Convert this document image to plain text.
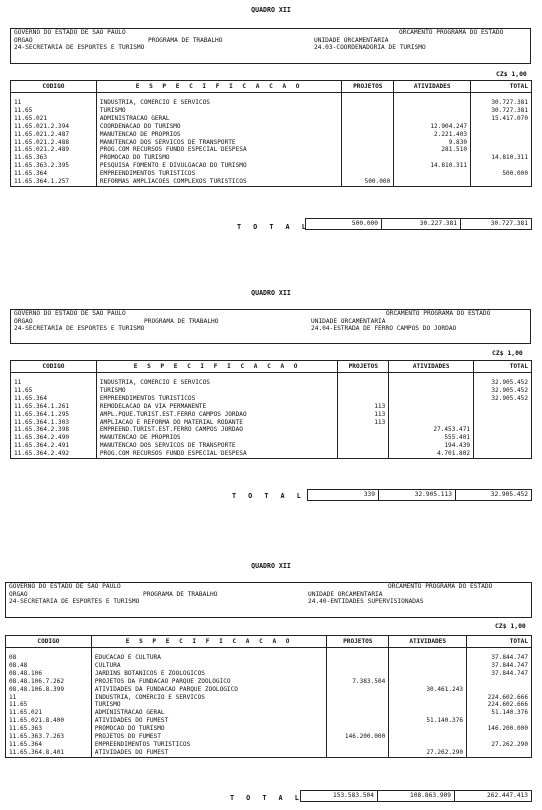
QUADRO XII
GOVERNO DO ESTADO DE SAO PAULO	ORCAMENTO PROGRAMA DO ESTADO
ORGAO	PROGRAMA DE TRABALHO	UNIDADE ORCAMENTARIA
24-SECRETARIA DE ESPORTES E TURISMO	24.03-COORDENADORIA DE TURISMO
CZ$ 1,00
CODIGO	E S P E C I F I C A C A O	PROJETOS	ATIVIDADES	TOTAL

11	INDUSTRIA, COMERCIO E SERVICOS			30.727.381
11.65	TURISMO			30.727.381
11.65.021	ADMINISTRACAO GERAL			15.417.070
11.65.021.2.394	COORDENACAO DO TURISMO		12.904.247	
11.65.021.2.487	MANUTENCAO DE PROPRIOS		2.221.403	
11.65.021.2.488	MANUTENCAO DOS SERVICOS DE TRANSPORTE		9.830	
11.65.021.2.489	PROG.COM RECURSOS FUNDO ESPECIAL DESPESA		281.510	
11.65.363	PROMOCAO DO TURISMO			14.810.311
11.65.363.2.395	PESQUISA FOMENTO E DIVULGACAO DO TURISMO		14.810.311	
11.65.364	EMPREENDIMENTOS TURISTICOS			500.000
11.65.364.1.257	REFORMAS AMPLIACOES COMPLEXOS TURISTICOS	500.000		
T O T A L	500.000	30.227.381	30.727.381
QUADRO XII
GOVERNO DO ESTADO DE SAO PAULO	ORCAMENTO PROGRAMA DO ESTADO
ORGAO	PROGRAMA DE TRABALHO	UNIDADE ORCAMENTARIA
24-SECRETARIA DE ESPORTES E TURISMO	24.04-ESTRADA DE FERRO CAMPOS DO JORDAO
CZ$ 1,00
CODIGO	E S P E C I F I C A C A O	PROJETOS	ATIVIDADES	TOTAL

11	INDUSTRIA, COMERCIO E SERVICOS			32.905.452
11.65	TURISMO			32.905.452
11.65.364	EMPREENDIMENTOS TURISTICOS			32.905.452
11.65.364.1.261	REMODELACAO DA VIA PERMANENTE	113		
11.65.364.1.295	AMPL.PQUE.TURIST.EST.FERRO CAMPOS JORDAO	113		
11.65.364.1.303	AMPLIACAO E REFORMA DO MATERIAL RODANTE	113		
11.65.364.2.398	EMPREEND.TURIST.EST.FERRO CAMPOS JORDAO		27.453.471	
11.65.364.2.490	MANUTENCAO DE PROPRIOS		555.401	
11.65.364.2.491	MANUTENCAO DOS SERVICOS DE TRANSPORTE		194.439	
11.65.364.2.492	PROG.COM RECURSOS FUNDO ESPECIAL DESPESA		4.701.802	
T O T A L	339	32.905.113	32.905.452
QUADRO XII
GOVERNO DO ESTADO DE SAO PAULO	ORCAMENTO PROGRAMA DO ESTADO
ORGAO	PROGRAMA DE TRABALHO	UNIDADE ORCAMENTARIA
24-SECRETARIA DE ESPORTES E TURISMO	24.40-ENTIDADES SUPERVISIONADAS
CZ$ 1,00
CODIGO	E S P E C I F I C A C A O	PROJETOS	ATIVIDADES	TOTAL

08	EDUCACAO E CULTURA			37.844.747
08.48	CULTURA			37.844.747
08.48.106	JARDINS BOTANICOS E ZOOLOGICOS			37.844.747
08.48.106.7.262	PROJETOS DA FUNDACAO PARQUE ZOOLOGICO	7.383.504		
08.48.106.8.399	ATIVIDADES DA FUNDACAO PARQUE ZOOLOGICO		30.461.243	
11	INDUSTRIA, COMERCIO E SERVICOS			224.602.666
11.65	TURISMO			224.602.666
11.65.021	ADMINISTRACAO GERAL			51.140.376
11.65.021.8.400	ATIVIDADES DO FUMEST		51.140.376	
11.65.363	PROMOCAO DO TURISMO			146.200.000
11.65.363.7.263	PROJETOS DO FUMEST	146.200.000		
11.65.364	EMPREENDIMENTOS TURISTICOS			27.262.290
11.65.364.8.401	ATIVIDADES DO FUMEST		27.262.290	
T O T A L	153.583.504	108.863.909	262.447.413
